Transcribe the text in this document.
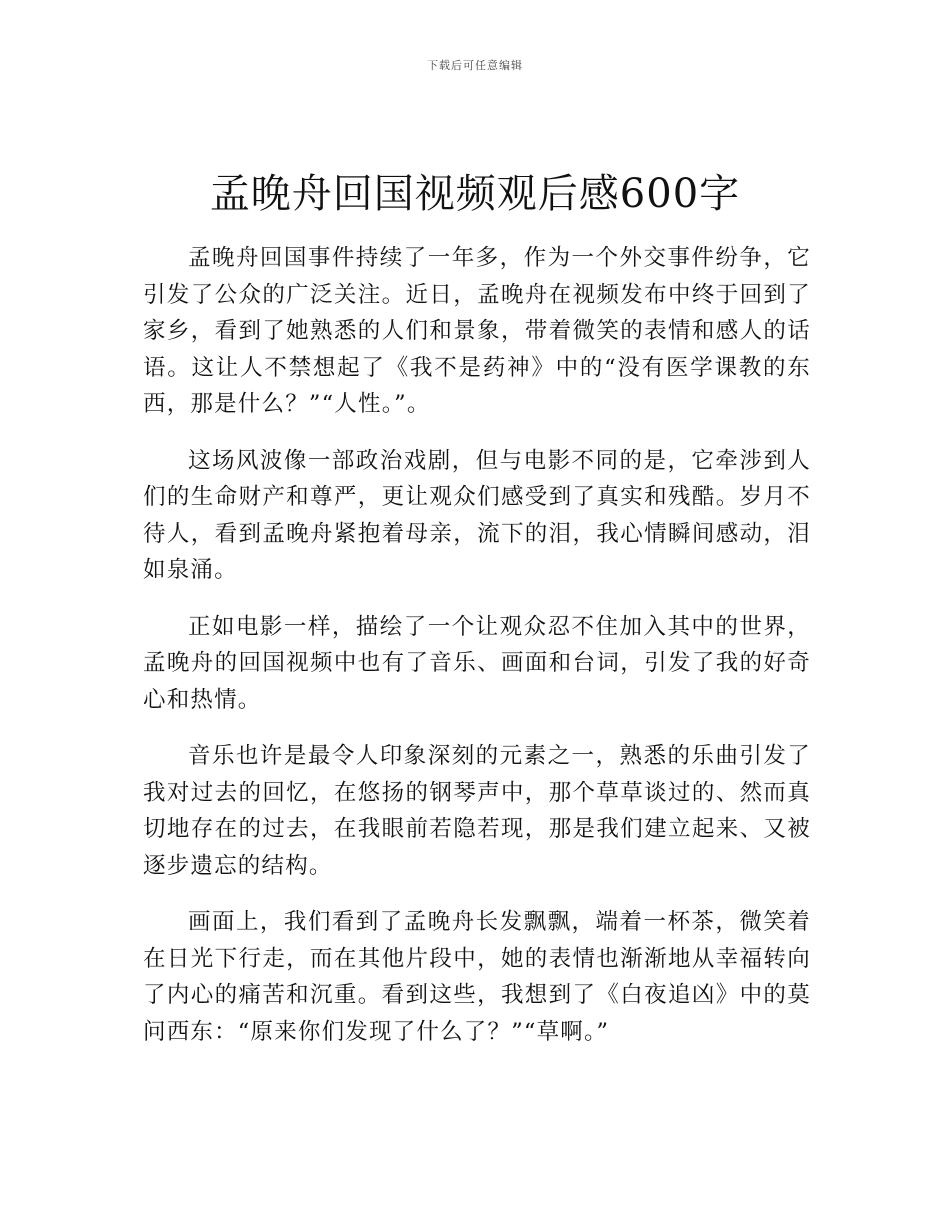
下载后可任意编辑
孟晚舟回国视频观后感600字

孟晚舟回国事件持续了一年多，作为一个外交事件纷争，它引发了公众的广泛关注。近日，孟晚舟在视频发布中终于回到了家乡，看到了她熟悉的人们和景象，带着微笑的表情和感人的话语。这让人不禁想起了《我不是药神》中的“没有医学课教的东西，那是什么？”“人性。”。

这场风波像一部政治戏剧，但与电影不同的是，它牵涉到人们的生命财产和尊严，更让观众们感受到了真实和残酷。岁月不待人，看到孟晚舟紧抱着母亲，流下的泪，我心情瞬间感动，泪如泉涌。

正如电影一样，描绘了一个让观众忍不住加入其中的世界，孟晚舟的回国视频中也有了音乐、画面和台词，引发了我的好奇心和热情。

音乐也许是最令人印象深刻的元素之一，熟悉的乐曲引发了我对过去的回忆，在悠扬的钢琴声中，那个草草谈过的、然而真切地存在的过去，在我眼前若隐若现，那是我们建立起来、又被逐步遗忘的结构。

画面上，我们看到了孟晚舟长发飘飘，端着一杯茶，微笑着在日光下行走，而在其他片段中，她的表情也渐渐地从幸福转向了内心的痛苦和沉重。看到这些，我想到了《白夜追凶》中的莫问西东：“原来你们发现了什么了？”“草啊。”
